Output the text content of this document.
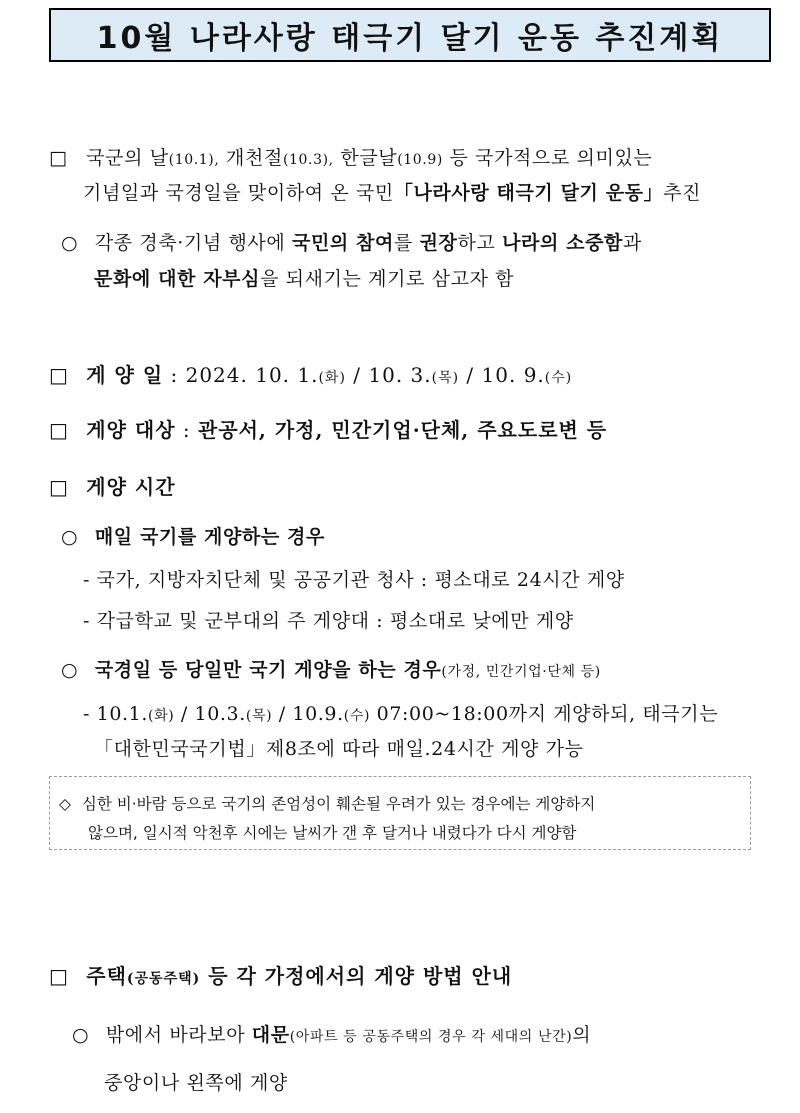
10월 나라사랑 태극기 달기 운동 추진계획
□ 국군의 날(10.1), 개천절(10.3), 한글날(10.9) 등 국가적으로 의미있는
기념일과 국경일을 맞이하여 온 국민「나라사랑 태극기 달기 운동」추진
○ 각종 경축·기념 행사에 국민의 참여를 권장하고 나라의 소중함과
문화에 대한 자부심을 되새기는 계기로 삼고자 함
□ 게 양 일 : 2024. 10. 1.(화) / 10. 3.(목) / 10. 9.(수)
□ 게양 대상 : 관공서, 가정, 민간기업·단체, 주요도로변 등
□ 게양 시간
○ 매일 국기를 게양하는 경우
- 국가, 지방자치단체 및 공공기관 청사 : 평소대로 24시간 게양
- 각급학교 및 군부대의 주 게양대 : 평소대로 낮에만 게양
○ 국경일 등 당일만 국기 게양을 하는 경우(가정, 민간기업·단체 등)
- 10.1.(화) / 10.3.(목) / 10.9.(수) 07:00~18:00까지 게양하되, 태극기는
「대한민국국기법」제8조에 따라 매일.24시간 게양 가능
◇ 심한 비·바람 등으로 국기의 존엄성이 훼손될 우려가 있는 경우에는 게양하지
않으며, 일시적 악천후 시에는 날씨가 갠 후 달거나 내렸다가 다시 게양함
□ 주택(공동주택) 등 각 가정에서의 게양 방법 안내
○ 밖에서 바라보아 대문(아파트 등 공동주택의 경우 각 세대의 난간)의
중앙이나 왼쪽에 게양
